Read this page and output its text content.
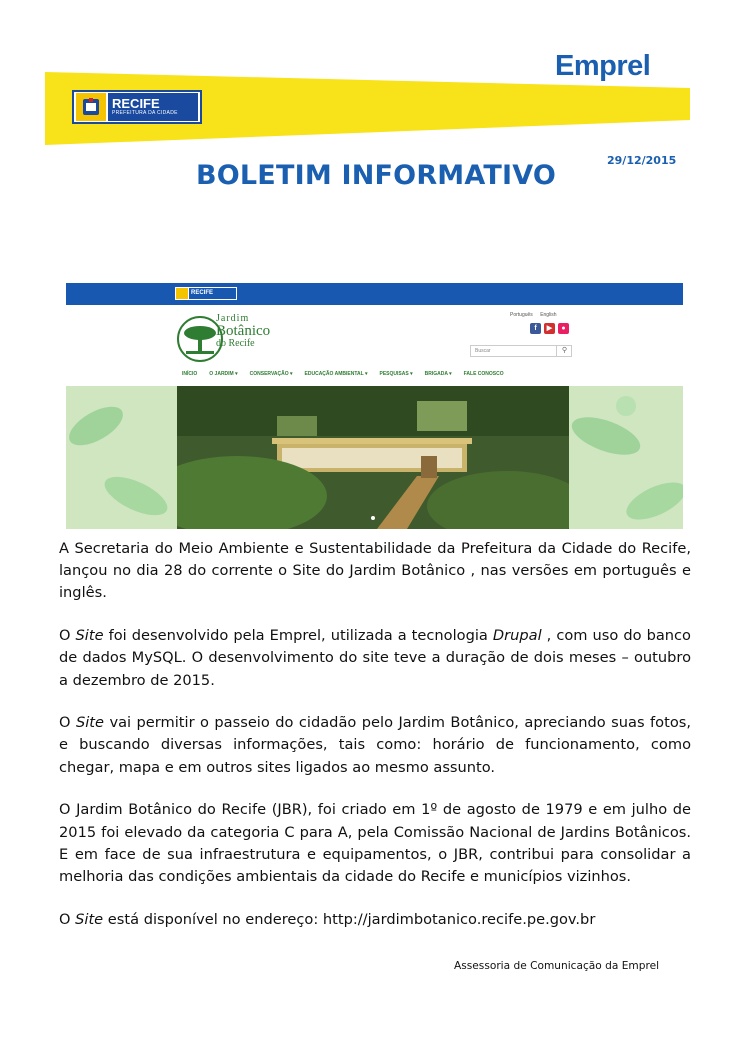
Emprel
RECIFE
PREFEITURA DA CIDADE
29/12/2015
BOLETIM INFORMATIVO
RECIFE
Jardim
Botânico
do Recife
Português English
f	▶	●
Buscar	⚲
INÍCIO O JARDIM ▾ CONSERVAÇÃO ▾ EDUCAÇÃO AMBIENTAL ▾ PESQUISAS ▾ BRIGADA ▾ FALE CONOSCO

A Secretaria do Meio Ambiente e Sustentabilidade da Prefeitura da Cidade do Recife, lançou no dia 28 do corrente o Site do Jardim Botânico , nas versões em português e inglês.

O Site foi desenvolvido pela Emprel, utilizada a tecnologia Drupal , com uso do banco de dados MySQL. O desenvolvimento do site teve a duração de dois meses – outubro a dezembro de 2015.

O Site vai permitir o passeio do cidadão pelo Jardim Botânico, apreciando suas fotos, e buscando diversas informações, tais como: horário de funcionamento, como chegar, mapa e em outros sites ligados ao mesmo assunto.

O Jardim Botânico do Recife (JBR), foi criado em 1º de agosto de 1979 e em julho de 2015 foi elevado da categoria C para A, pela Comissão Nacional de Jardins Botânicos. E em face de sua infraestrutura e equipamentos, o JBR, contribui para consolidar a melhoria das condições ambientais da cidade do Recife e municípios vizinhos.

O Site está disponível no endereço: http://jardimbotanico.recife.pe.gov.br

Assessoria de Comunicação da Emprel
